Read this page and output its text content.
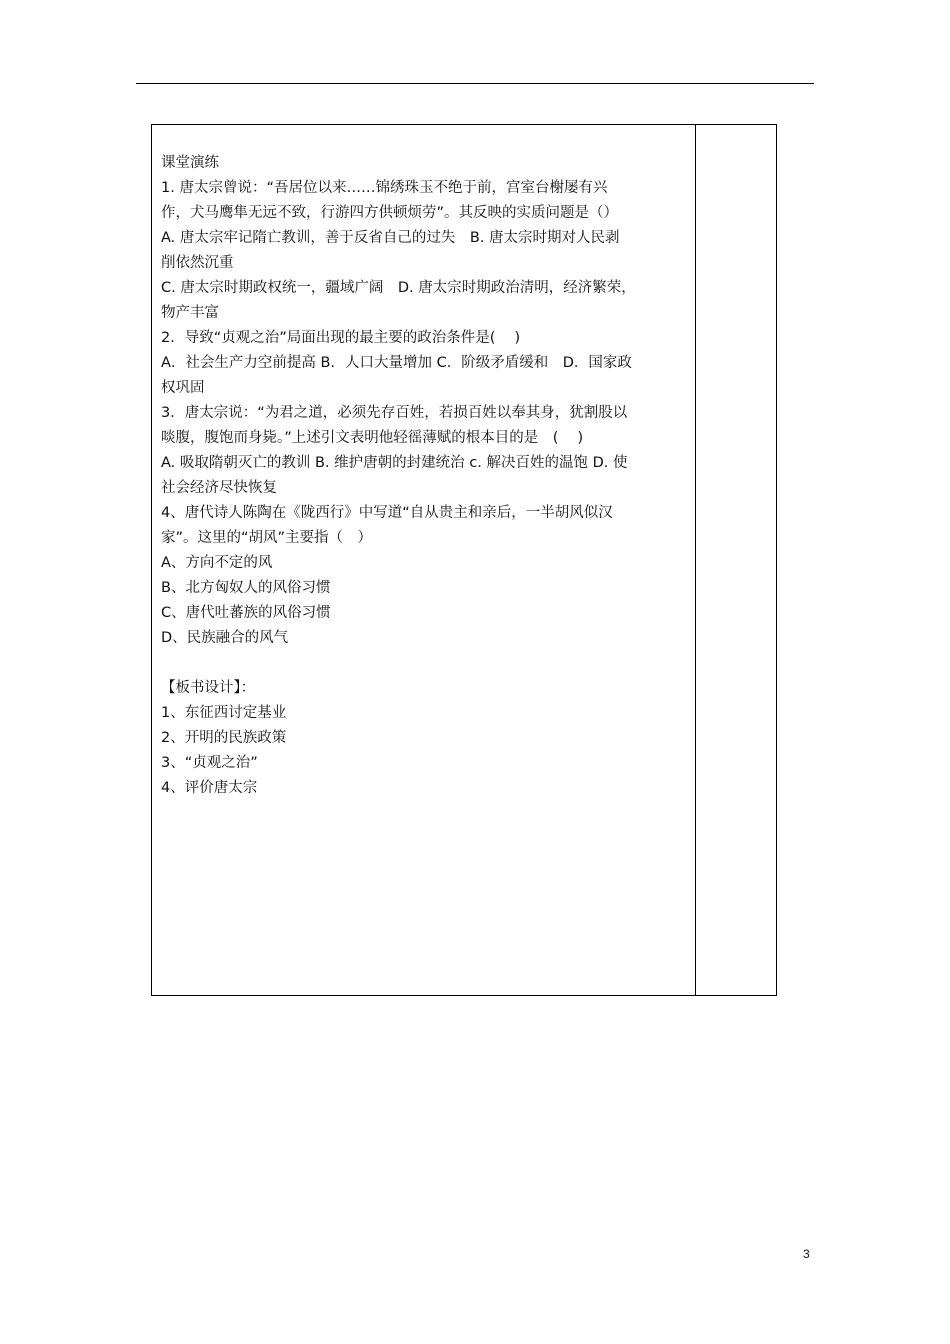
课堂演练
1. 唐太宗曾说：“吾居位以来……锦绣珠玉不绝于前，宫室台榭屡有兴
作，犬马鹰隼无远不致，行游四方供顿烦劳”。其反映的实质问题是（）
A. 唐太宗牢记隋亡教训，善于反省自己的过失　B. 唐太宗时期对人民剥
削依然沉重
C. 唐太宗时期政权统一，疆域广阔　D. 唐太宗时期政治清明，经济繁荣，
物产丰富
2．导致“贞观之治”局面出现的最主要的政治条件是(　 )
A．社会生产力空前提高 B．人口大量增加 C．阶级矛盾缓和　D．国家政
权巩固
3．唐太宗说：“为君之道，必须先存百姓，若损百姓以奉其身，犹割股以
啖腹，腹饱而身毙。”上述引文表明他轻徭薄赋的根本目的是　(　 )
A. 吸取隋朝灭亡的教训 B. 维护唐朝的封建统治 c. 解决百姓的温饱 D. 使
社会经济尽快恢复
4、唐代诗人陈陶在《陇西行》中写道“自从贵主和亲后，一半胡风似汉
家”。这里的“胡风”主要指（　）
A、方向不定的风
B、北方匈奴人的风俗习惯
C、唐代吐蕃族的风俗习惯
D、民族融合的风气
【板书设计】：
1、东征西讨定基业
2、开明的民族政策
3、“贞观之治”
4、评价唐太宗
3
